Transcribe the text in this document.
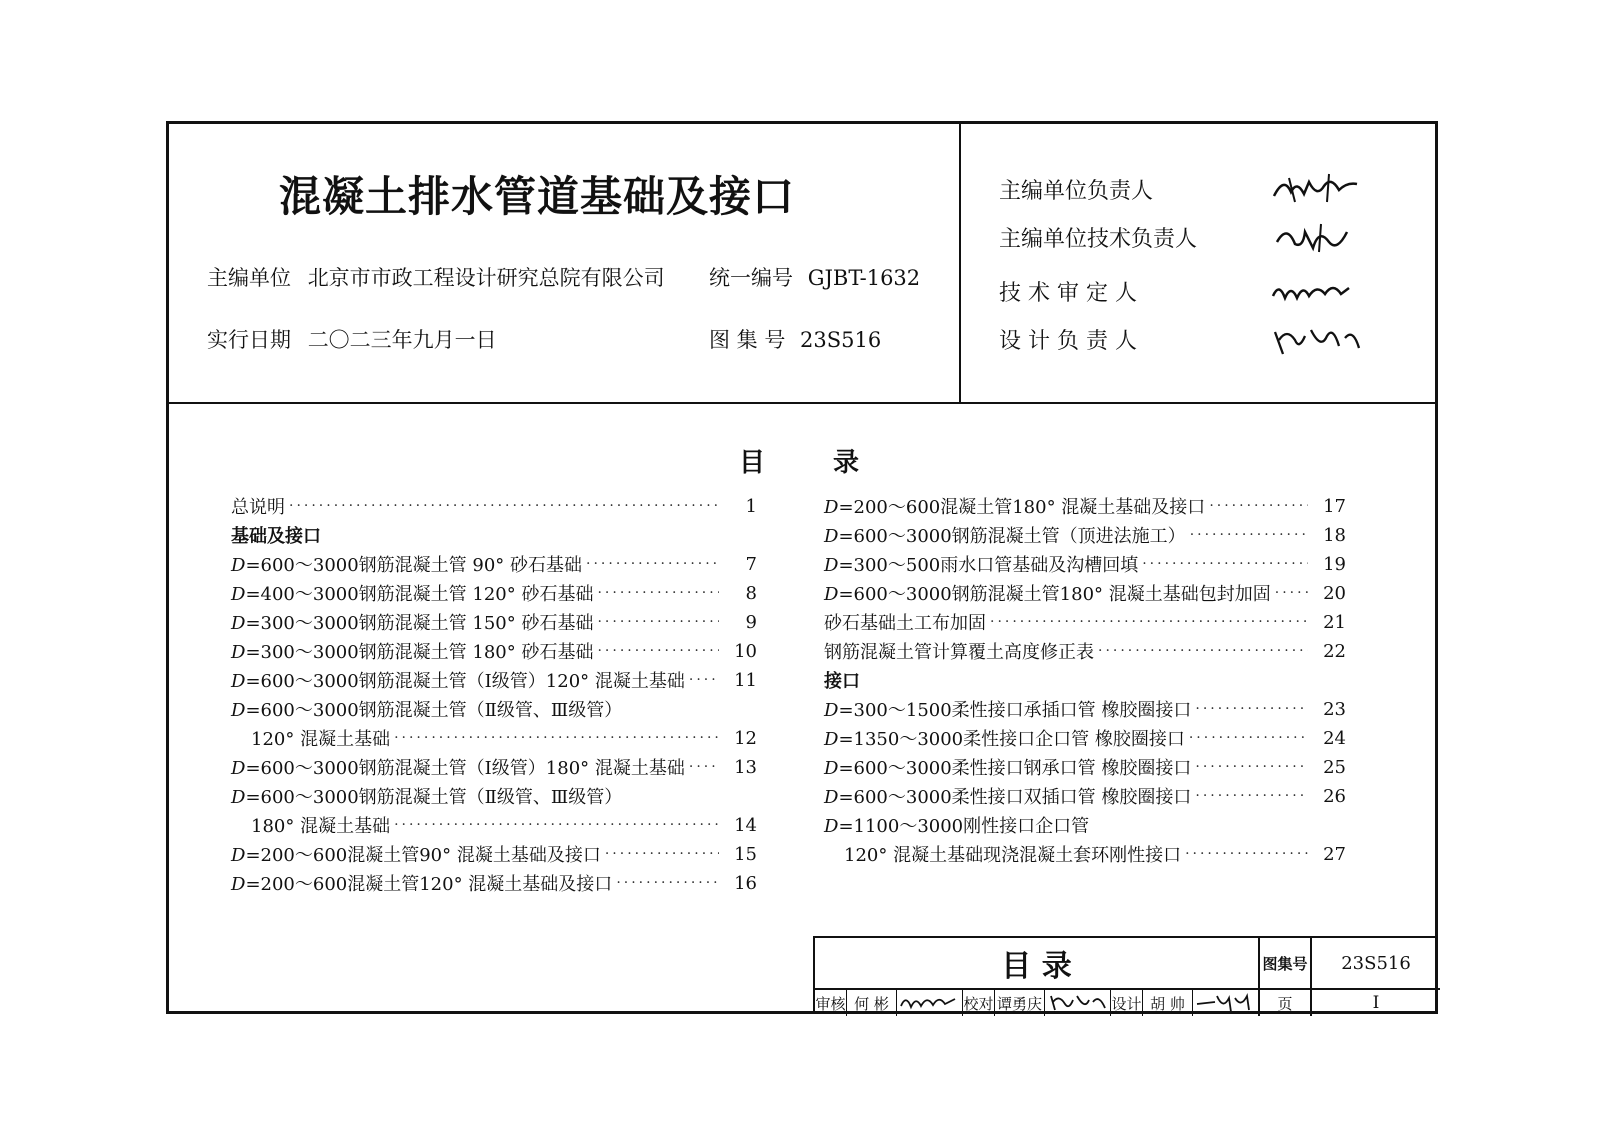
混凝土排水管道基础及接口
主编单位 北京市市政工程设计研究总院有限公司 统一编号 GJBT-1632
实行日期 二〇二三年九月一日	图 集 号 23S516
主编单位负责人
主编单位技术负责人
技 术 审 定 人
设 计 负 责 人
目	录
总说明 ·····	1
基础及接口
D=600～3000钢筋混凝土管 90° 砂石基础 ·····	7
D=400～3000钢筋混凝土管 120° 砂石基础 ·····	8
D=300～3000钢筋混凝土管 150° 砂石基础 ·····	9
D=300～3000钢筋混凝土管 180° 砂石基础 ·····	10
D=600～3000钢筋混凝土管（Ⅰ级管）120° 混凝土基础 ·····	11
D=600～3000钢筋混凝土管（Ⅱ级管、Ⅲ级管）
120° 混凝土基础 ·····	12
D=600～3000钢筋混凝土管（Ⅰ级管）180° 混凝土基础 ·····	13
D=600～3000钢筋混凝土管（Ⅱ级管、Ⅲ级管）
180° 混凝土基础 ·····	14
D=200～600混凝土管90° 混凝土基础及接口 ·····	15
D=200～600混凝土管120° 混凝土基础及接口 ·····	16
D=200～600混凝土管180° 混凝土基础及接口 ·····	17
D=600～3000钢筋混凝土管（顶进法施工） ·····	18
D=300～500雨水口管基础及沟槽回填 ·····	19
D=600～3000钢筋混凝土管180° 混凝土基础包封加固 ·····	20
砂石基础土工布加固 ·····	21
钢筋混凝土管计算覆土高度修正表 ·····	22
接口
D=300～1500柔性接口承插口管 橡胶圈接口 ·····	23
D=1350～3000柔性接口企口管 橡胶圈接口 ·····	24
D=600～3000柔性接口钢承口管 橡胶圈接口 ·····	25
D=600～3000柔性接口双插口管 橡胶圈接口 ·····	26
D=1100～3000刚性接口企口管
120° 混凝土基础现浇混凝土套环刚性接口 ·····	27
目 录	图集号	23S516
审核 何 彬	校对 谭勇庆	设计 胡 帅	页	Ⅰ
